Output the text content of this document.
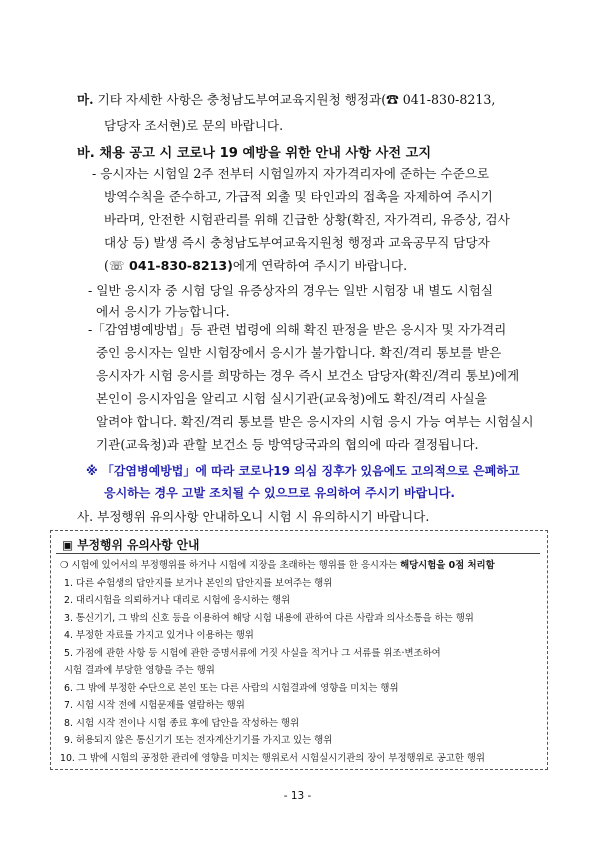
마. 기타 자세한 사항은 충청남도부여교육지원청 행정과(☎ 041-830-8213,
담당자 조서현)로 문의 바랍니다.
바. 채용 공고 시 코로나 19 예방을 위한 안내 사항 사전 고지
- 응시자는 시험일 2주 전부터 시험일까지 자가격리자에 준하는 수준으로
방역수칙을 준수하고, 가급적 외출 및 타인과의 접촉을 자제하여 주시기
바라며, 안전한 시험관리를 위해 긴급한 상황(확진, 자가격리, 유증상, 검사
대상 등) 발생 즉시 충청남도부여교육지원청 행정과 교육공무직 담당자
(☏ 041-830-8213)에게 연락하여 주시기 바랍니다.
- 일반 응시자 중 시험 당일 유증상자의 경우는 일반 시험장 내 별도 시험실
에서 응시가 가능합니다.
-「감염병예방법」등 관련 법령에 의해 확진 판정을 받은 응시자 및 자가격리
중인 응시자는 일반 시험장에서 응시가 불가합니다. 확진/격리 통보를 받은
응시자가 시험 응시를 희망하는 경우 즉시 보건소 담당자(확진/격리 통보)에게
본인이 응시자임을 알리고 시험 실시기관(교육청)에도 확진/격리 사실을
알려야 합니다. 확진/격리 통보를 받은 응시자의 시험 응시 가능 여부는 시험실시
기관(교육청)과 관할 보건소 등 방역당국과의 협의에 따라 결정됩니다.
※ 「감염병예방법」에 따라 코로나19 의심 징후가 있음에도 고의적으로 은폐하고
응시하는 경우 고발 조치될 수 있으므로 유의하여 주시기 바랍니다.
사. 부정행위 유의사항 안내하오니 시험 시 유의하시기 바랍니다.
▣ 부정행위 유의사항 안내
❍ 시험에 있어서의 부정행위를 하거나 시험에 지장을 초래하는 행위를 한 응시자는 해당시험을 0점 처리함
1. 다른 수험생의 답안지를 보거나 본인의 답안지를 보여주는 행위
2. 대리시험을 의뢰하거나 대리로 시험에 응시하는 행위
3. 통신기기, 그 밖의 신호 등을 이용하여 해당 시험 내용에 관하여 다른 사람과 의사소통을 하는 행위
4. 부정한 자료를 가지고 있거나 이용하는 행위
5. 가점에 관한 사항 등 시험에 관한 증명서류에 거짓 사실을 적거나 그 서류를 위조·변조하여
시험 결과에 부당한 영향을 주는 행위
6. 그 밖에 부정한 수단으로 본인 또는 다른 사람의 시험결과에 영향을 미치는 행위
7. 시험 시작 전에 시험문제를 열람하는 행위
8. 시험 시작 전이나 시험 종료 후에 답안을 작성하는 행위
9. 허용되지 않은 통신기기 또는 전자계산기기를 가지고 있는 행위
10. 그 밖에 시험의 공정한 관리에 영향을 미치는 행위로서 시험실시기관의 장이 부정행위로 공고한 행위
- 13 -
